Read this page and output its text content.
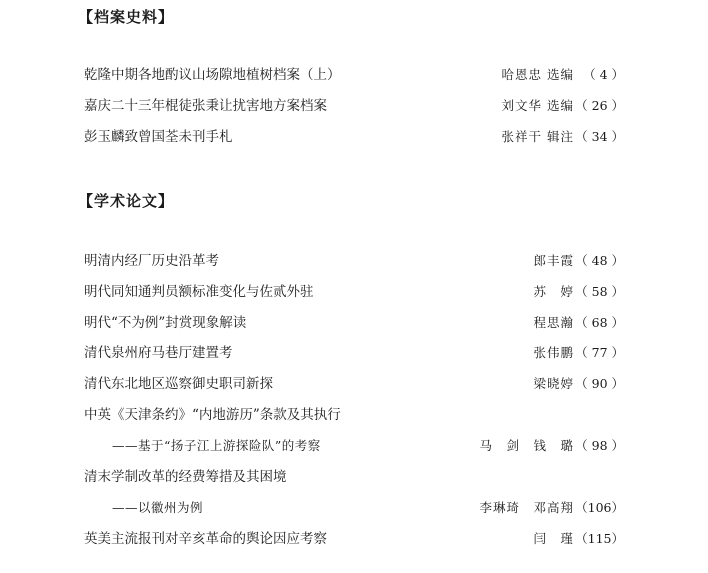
【档案史料】
乾隆中期各地酌议山场隙地植树档案（上）	哈恩忠 选编 （ 4 ）
嘉庆二十三年棍徒张秉让扰害地方案档案	刘文华 选编（ 26 ）
彭玉麟致曾国荃未刊手札	张祥干 辑注（ 34 ）
【学术论文】
明清内经厂历史沿革考	郎丰霞（ 48 ）
明代同知通判员额标准变化与佐贰外驻	苏　婷（ 58 ）
明代“不为例”封赏现象解读	程思瀚（ 68 ）
清代泉州府马巷厅建置考	张伟鹏（ 77 ）
清代东北地区巡察御史职司新探	梁晓婷（ 90 ）
中英《天津条约》“内地游历”条款及其执行
——基于“扬子江上游探险队”的考察	马　剑　钱　璐（ 98 ）
清末学制改革的经费筹措及其困境
——以徽州为例	李琳琦　邓高翔（106）
英美主流报刊对辛亥革命的舆论因应考察	闫　瑾（115）
